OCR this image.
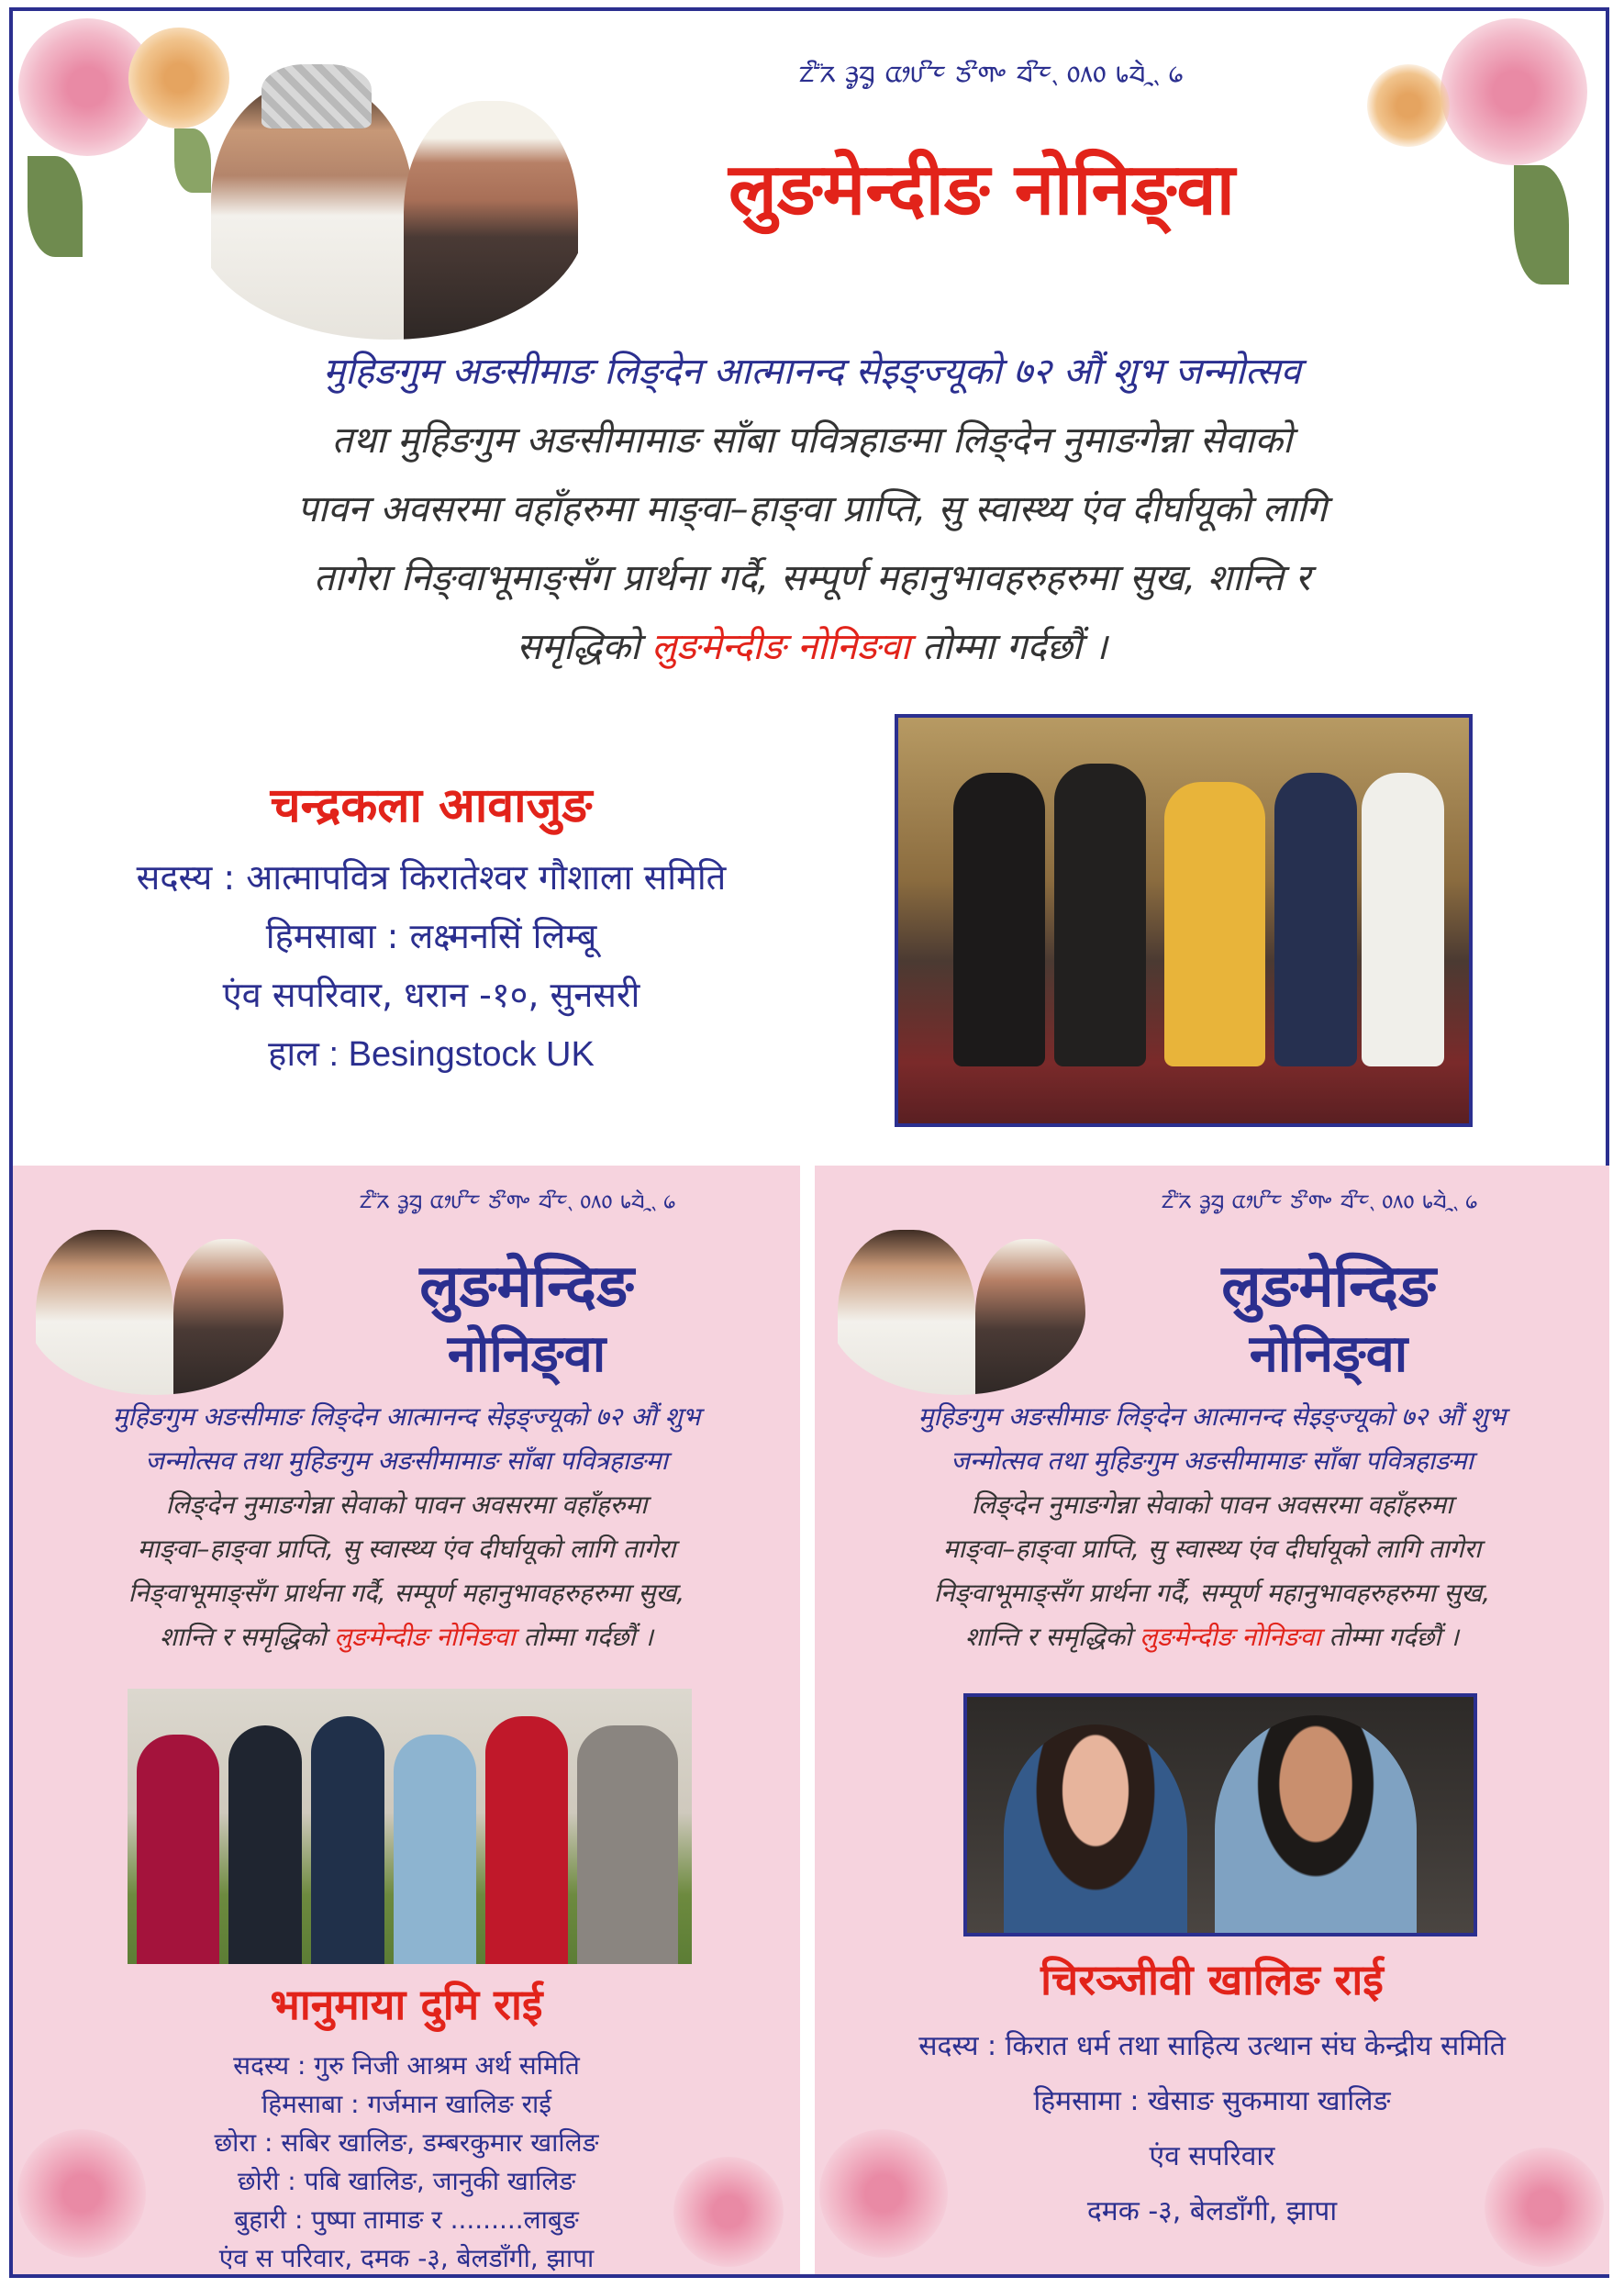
ᤁᤡ᤺ᤖ ᤋᤢᤔᤢ ᤂᤣᤙᤡᤰ ᤍᤡᤛᤴ ᤔᤡᤰᤷ ᥆᥈᥆ ᥇ᤔᤧᤳᤷ ᥀
लुङमेन्दीङ नोनिङ्वा
मुहिङगुम अङसीमाङ लिङ्देन आत्मानन्द सेइङ्ज्यूको ७२ औं शुभ जन्मोत्सव
तथा मुहिङगुम अङसीमामाङ साँबा पवित्रहाङमा लिङ्देन नुमाङगेन्ना सेवाको
पावन अवसरमा वहाँहरुमा माङ्वा–हाङ्वा प्राप्ति, सु स्वास्थ्य एंव दीर्घायूको लागि
तागेरा निङ्वाभूमाङ्सँग प्रार्थना गर्दै, सम्पूर्ण महानुभावहरुहरुमा सुख, शान्ति र
समृद्धिको लुङमेन्दीङ नोनिङवा तोम्मा गर्दछौं ।
चन्द्रकला आवाजुङ
सदस्य : आत्मापवित्र किरातेश्वर गौशाला समिति
हिमसाबा : लक्ष्मनसिं लिम्बू
एंव सपरिवार, धरान -१०, सुनसरी
हाल : Besingstock UK
ᤁᤡ᤺ᤖ ᤋᤢᤔᤢ ᤂᤣᤙᤡᤰ ᤍᤡᤛᤴ ᤔᤡᤰᤷ ᥆᥈᥆ ᥇ᤔᤧᤳᤷ ᥀
लुङमेन्दिङ
नोनिङ्वा
मुहिङगुम अङसीमाङ लिङ्देन आत्मानन्द सेइङ्ज्यूको ७२ औं शुभ
जन्मोत्सव तथा मुहिङगुम अङसीमामाङ साँबा पवित्रहाङमा
लिङ्देन नुमाङगेन्ना सेवाको पावन अवसरमा वहाँहरुमा
माङ्वा–हाङ्वा प्राप्ति, सु स्वास्थ्य एंव दीर्घायूको लागि तागेरा
निङ्वाभूमाङ्सँग प्रार्थना गर्दै, सम्पूर्ण महानुभावहरुहरुमा सुख,
शान्ति र समृद्धिको लुङमेन्दीङ नोनिङवा तोम्मा गर्दछौं ।
भानुमाया दुमि राई
सदस्य : गुरु निजी आश्रम अर्थ समिति
हिमसाबा : गर्जमान खालिङ राई
छोरा : सबिर खालिङ, डम्बरकुमार खालिङ
छोरी : पबि खालिङ, जानुकी खालिङ
बुहारी : पुष्पा तामाङ र .........लाबुङ
एंव स परिवार, दमक -३, बेलडाँगी, झापा
ᤁᤡ᤺ᤖ ᤋᤢᤔᤢ ᤂᤣᤙᤡᤰ ᤍᤡᤛᤴ ᤔᤡᤰᤷ ᥆᥈᥆ ᥇ᤔᤧᤳᤷ ᥀
लुङमेन्दिङ
नोनिङ्वा
मुहिङगुम अङसीमाङ लिङ्देन आत्मानन्द सेइङ्ज्यूको ७२ औं शुभ
जन्मोत्सव तथा मुहिङगुम अङसीमामाङ साँबा पवित्रहाङमा
लिङ्देन नुमाङगेन्ना सेवाको पावन अवसरमा वहाँहरुमा
माङ्वा–हाङ्वा प्राप्ति, सु स्वास्थ्य एंव दीर्घायूको लागि तागेरा
निङ्वाभूमाङ्सँग प्रार्थना गर्दै, सम्पूर्ण महानुभावहरुहरुमा सुख,
शान्ति र समृद्धिको लुङमेन्दीङ नोनिङवा तोम्मा गर्दछौं ।
चिरञ्जीवी खालिङ राई
सदस्य : किरात धर्म तथा साहित्य उत्थान संघ केन्द्रीय समिति
हिमसामा : खेसाङ सुकमाया खालिङ
एंव सपरिवार
दमक -३, बेलडाँगी, झापा
